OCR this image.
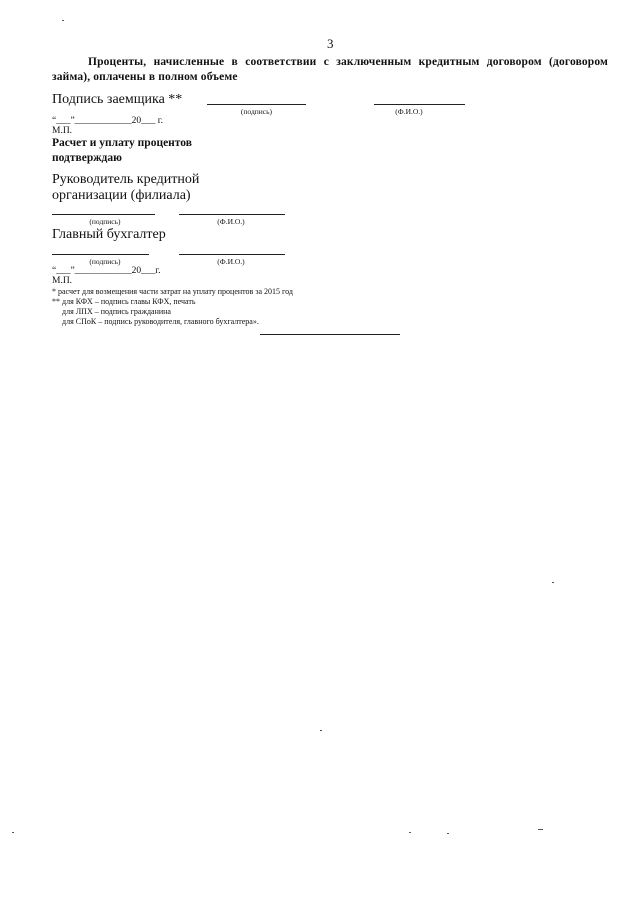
3
Проценты, начисленные в соответствии с заключенным кредитным договором (договором займа), оплачены в полном объеме
Подпись заемщика **
(подпись)	(Ф.И.О.)
“___”____________20___ г.
М.П.
Расчет и уплату процентов
подтверждаю
Руководитель кредитной
организации (филиала)
(подпись)	(Ф.И.О.)
Главный бухгалтер
(подпись)	(Ф.И.О.)
“___”____________20___г.
М.П.
* расчет для возмещения части затрат на уплату процентов за 2015 год
** для КФХ – подпись главы КФХ, печать
для ЛПХ – подпись гражданина
для СПоК – подпись руководителя, главного бухгалтера».
